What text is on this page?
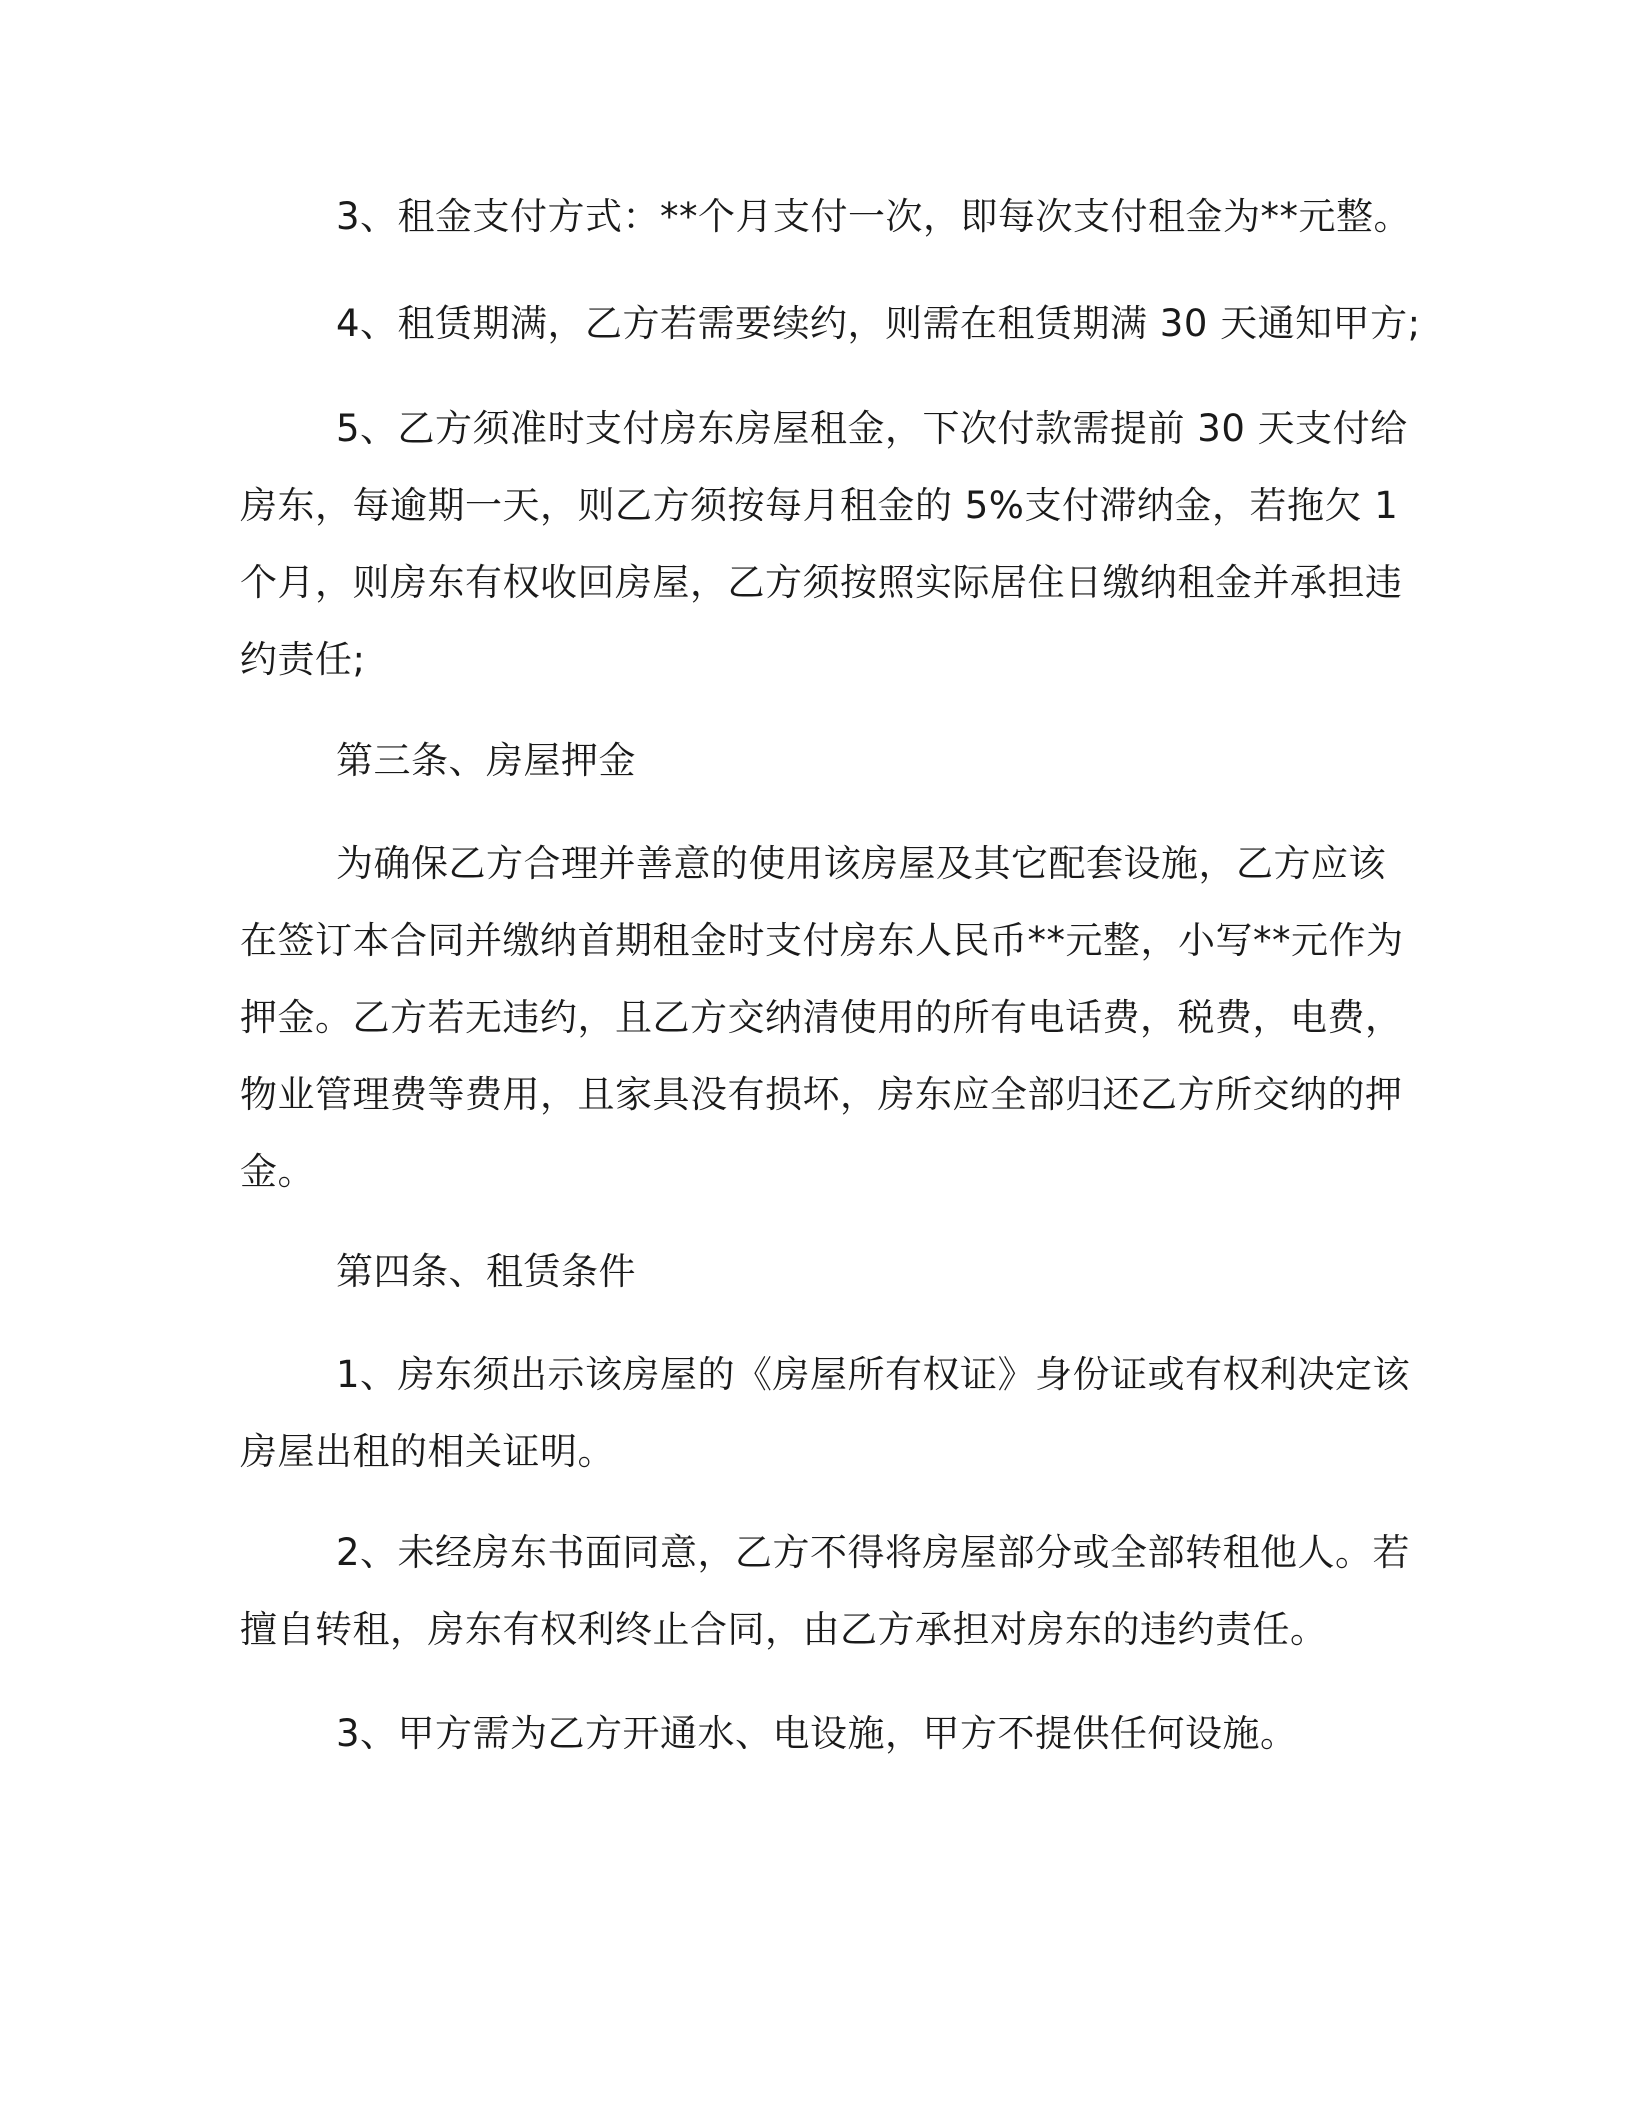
3、租金支付方式：**个月支付一次，即每次支付租金为**元整。

4、租赁期满，乙方若需要续约，则需在租赁期满 30 天通知甲方;

5、乙方须准时支付房东房屋租金，下次付款需提前 30 天支付给房东，每逾期一天，则乙方须按每月租金的 5%支付滞纳金，若拖欠 1 个月，则房东有权收回房屋，乙方须按照实际居住日缴纳租金并承担违约责任;

第三条、房屋押金

为确保乙方合理并善意的使用该房屋及其它配套设施，乙方应该在签订本合同并缴纳首期租金时支付房东人民币**元整，小写**元作为押金。乙方若无违约，且乙方交纳清使用的所有电话费，税费，电费，物业管理费等费用，且家具没有损坏，房东应全部归还乙方所交纳的押金。

第四条、租赁条件

1、房东须出示该房屋的《房屋所有权证》身份证或有权利决定该房屋出租的相关证明。

2、未经房东书面同意，乙方不得将房屋部分或全部转租他人。若擅自转租，房东有权利终止合同，由乙方承担对房东的违约责任。

3、甲方需为乙方开通水、电设施，甲方不提供任何设施。
